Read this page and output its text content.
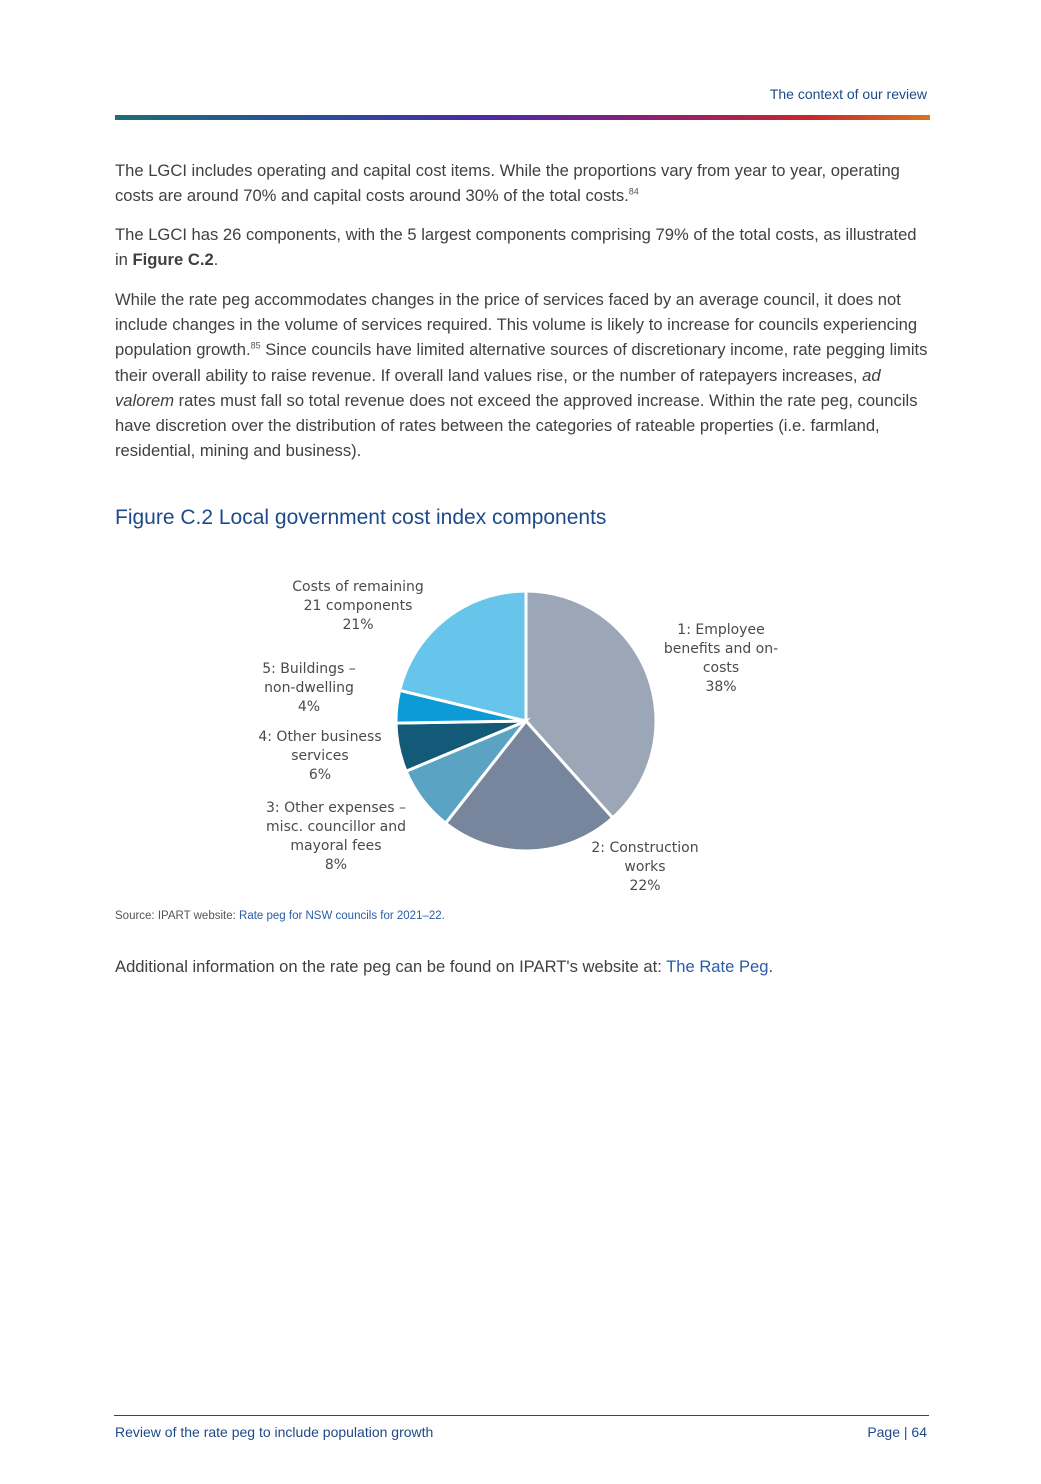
The context of our review

The LGCI includes operating and capital cost items. While the proportions vary from year to year, operating costs are around 70% and capital costs around 30% of the total costs.$^{84}$

The LGCI has 26 components, with the 5 largest components comprising 79% of the total costs, as illustrated in Figure C.2.

While the rate peg accommodates changes in the price of services faced by an average council, it does not include changes in the volume of services required. This volume is likely to increase for councils experiencing population growth.$^{85}$ Since councils have limited alternative sources of discretionary income, rate pegging limits their overall ability to raise revenue. If overall land values rise, or the number of ratepayers increases, ad valorem rates must fall so total revenue does not exceed the approved increase. Within the rate peg, councils have discretion over the distribution of rates between the categories of rateable properties (i.e. farmland, residential, mining and business).

Figure C.2 Local government cost index components
1: Employee benefits and on-costs 38%
2: Construction works 22%
3: Other expenses – misc. councillor and mayoral fees 8%
4: Other business services 6%
5: Buildings – non-dwelling 4%
Costs of remaining 21 components 21%
Source: IPART website: Rate peg for NSW councils for 2021–22.
Additional information on the rate peg can be found on IPART's website at: The Rate Peg.
Review of the rate peg to include population growth	Page | 64
